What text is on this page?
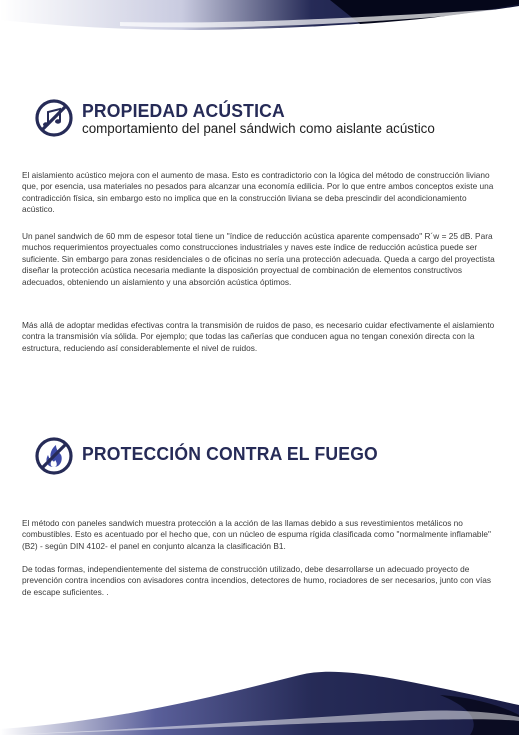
PROPIEDAD ACÚSTICA
comportamiento del panel sándwich como aislante acústico

El aislamiento acústico mejora con el aumento de masa. Esto es contradictorio con la lógica del método de construcción liviano que, por esencia, usa materiales no pesados para alcanzar una economía edilicia. Por lo que entre ambos conceptos existe una contradicción física, sin embargo esto no implica que en la construcción liviana se deba prescindir del acondicionamiento acústico.

Un panel sandwich de 60 mm de espesor total tiene un "índice de reducción acústica aparente compensado" R´w = 25 dB. Para muchos requerimientos proyectuales como construcciones industriales y naves este índice de reducción acústica puede ser suficiente. Sin embargo para zonas residenciales o de oficinas no sería una protección adecuada. Queda a cargo del proyectista diseñar la protección acústica necesaria mediante la disposición proyectual de combinación de elementos constructivos adecuados, obteniendo un aislamiento y una absorción acústica óptimos.

Más allá de adoptar medidas efectivas contra la transmisión de ruidos de paso, es necesario cuidar efectivamente el aislamiento contra la transmisión vía sólida. Por ejemplo; que todas las cañerías que conducen agua no tengan conexión directa con la estructura, reduciendo así considerablemente el nivel de ruidos.

PROTECCIÓN CONTRA EL FUEGO

El método con paneles sandwich muestra protección a la acción de las llamas debido a sus revestimientos metálicos no combustibles. Esto es acentuado por el hecho que, con un núcleo de espuma rígida clasificada como "normalmente inflamable" (B2) - según DIN 4102- el panel en conjunto alcanza la clasificación B1.

De todas formas, independientemente del sistema de construcción utilizado, debe desarrollarse un adecuado proyecto de prevención contra incendios con avisadores contra incendios, detectores de humo, rociadores de ser necesarios, junto con vías de escape suficientes. .
